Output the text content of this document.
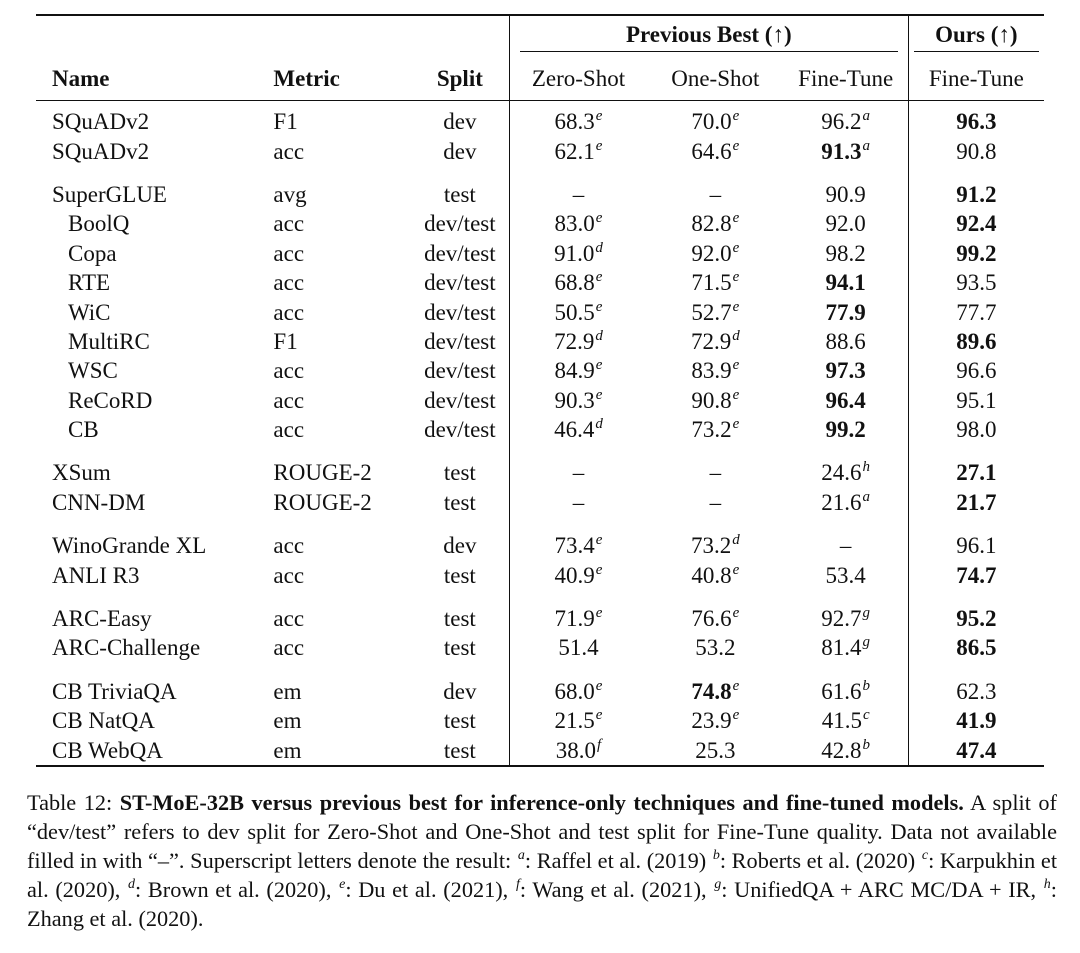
			Previous Best (↑)			Ours (↑)
Name	Metric	Split	Zero-Shot	One-Shot	Fine-Tune	Fine-Tune
SQuADv2	F1	dev	68.3e	70.0e	96.2$^a$	96.3
SQuADv2	acc	dev	62.1e	64.6e	91.3$^a$	90.8

SuperGLUE	avg	test	–	–	90.9	91.2
BoolQ	acc	dev/test	83.0e	82.8e	92.0	92.4
Copa	acc	dev/test	91.0$^d$	92.0e	98.2	99.2
RTE	acc	dev/test	68.8e	71.5e	94.1	93.5
WiC	acc	dev/test	50.5e	52.7e	77.9	77.7
MultiRC	F1	dev/test	72.9$^d$	72.9$^d$	88.6	89.6
WSC	acc	dev/test	84.9e	83.9e	97.3	96.6
ReCoRD	acc	dev/test	90.3e	90.8e	96.4	95.1
CB	acc	dev/test	46.4$^d$	73.2e	99.2	98.0

XSum	ROUGE-2	test	–	–	24.6$^h$	27.1
CNN-DM	ROUGE-2	test	–	–	21.6$^a$	21.7

WinoGrande XL	acc	dev	73.4e	73.2$^d$	–	96.1
ANLI R3	acc	test	40.9e	40.8e	53.4	74.7

ARC-Easy	acc	test	71.9e	76.6e	92.7$^g$	95.2
ARC-Challenge	acc	test	51.4	53.2	81.4$^g$	86.5

CB TriviaQA	em	dev	68.0e	74.8e	61.6$^b$	62.3
CB NatQA	em	test	21.5e	23.9e	41.5$^c$	41.9
CB WebQA	em	test	38.0$^f$	25.3	42.8$^b$	47.4
Table 12: ST-MoE-32B versus previous best for inference-only techniques and fine-tuned models. A split of “dev/test” refers to dev split for Zero-Shot and One-Shot and test split for Fine-Tune quality. Data not available filled in with “–”. Superscript letters denote the result: $^a$: Raffel et al. (2019) $^b$: Roberts et al. (2020) $^c$: Karpukhin et al. (2020), $^d$: Brown et al. (2020), $^e$: Du et al. (2021), $^f$: Wang et al. (2021), $^g$: UnifiedQA + ARC MC/DA + IR, $^h$: Zhang et al. (2020).
